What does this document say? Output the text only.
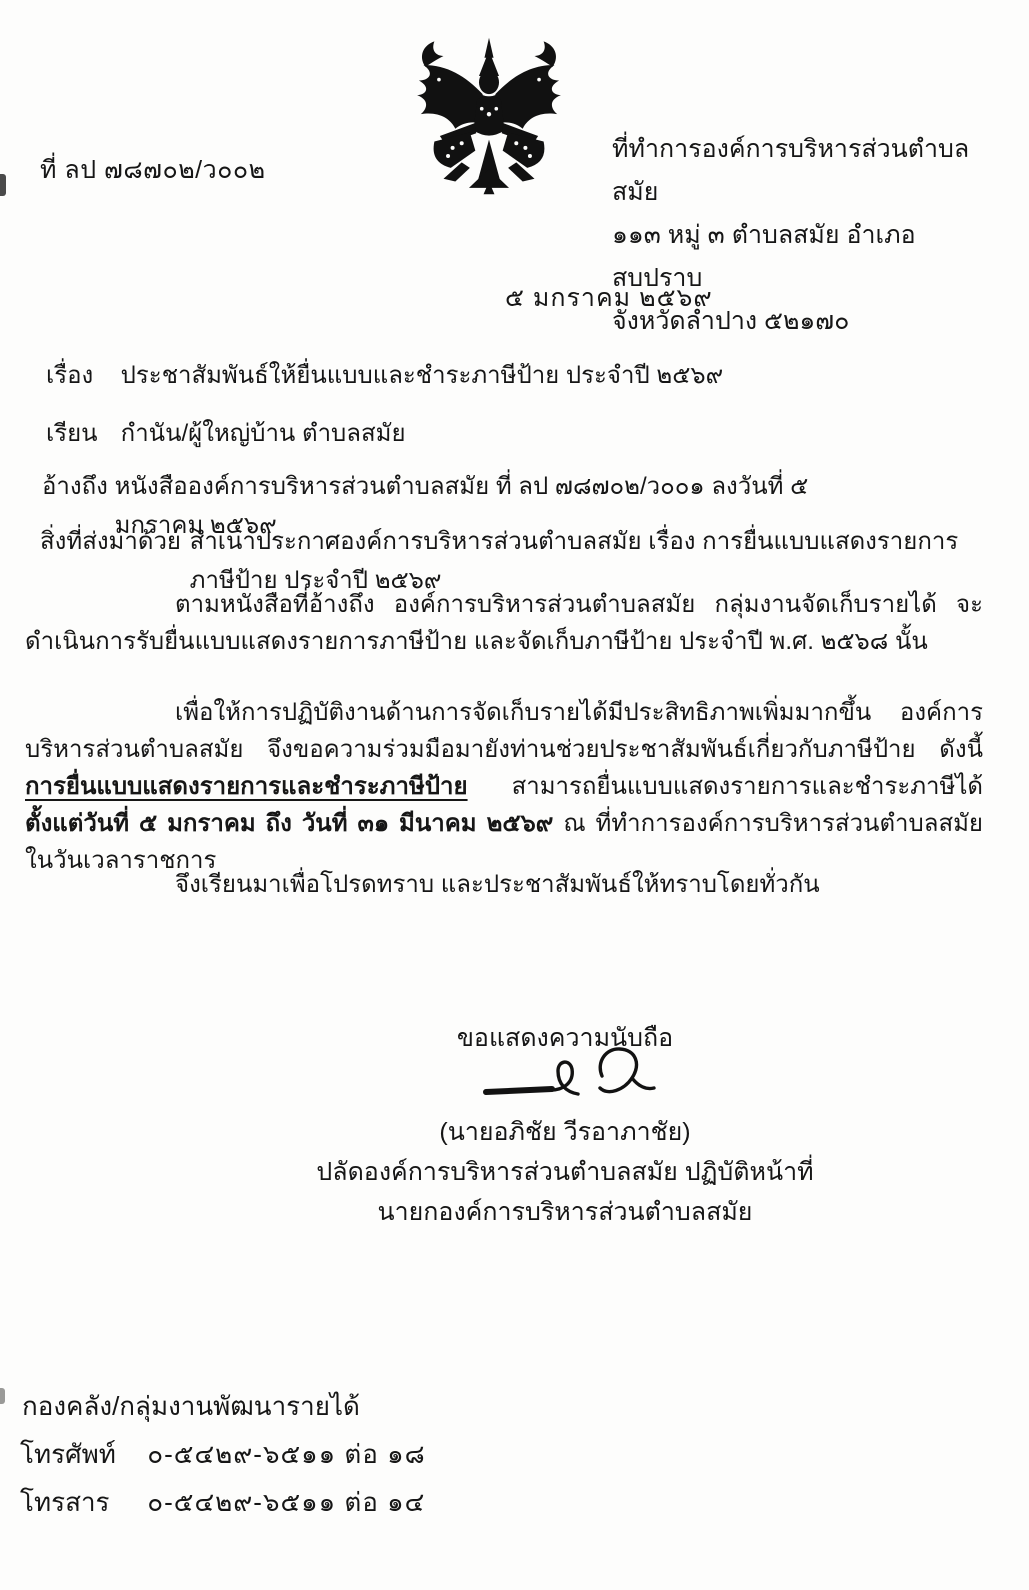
ที่ ลป ๗๘๗๐๒/ว๐๐๒
ที่ทำการองค์การบริหารส่วนตำบลสมัย
๑๑๓ หมู่ ๓ ตำบลสมัย อำเภอสบปราบ
จังหวัดลำปาง ๕๒๑๗๐
๕ มกราคม ๒๕๖๙
เรื่อง ประชาสัมพันธ์ให้ยื่นแบบและชำระภาษีป้าย ประจำปี ๒๕๖๙
เรียน กำนัน/ผู้ใหญ่บ้าน ตำบลสมัย
อ้างถึง หนังสือองค์การบริหารส่วนตำบลสมัย ที่ ลป ๗๘๗๐๒/ว๐๐๑ ลงวันที่ ๕ มกราคม ๒๕๖๙
สิ่งที่ส่งมาด้วย สำเนาประกาศองค์การบริหารส่วนตำบลสมัย เรื่อง การยื่นแบบแสดงรายการภาษีป้าย ประจำปี ๒๕๖๙
ตามหนังสือที่อ้างถึง องค์การบริหารส่วนตำบลสมัย กลุ่มงานจัดเก็บรายได้ จะดำเนินการรับยื่นแบบแสดงรายการภาษีป้าย และจัดเก็บภาษีป้าย ประจำปี พ.ศ. ๒๕๖๘ นั้น
เพื่อให้การปฏิบัติงานด้านการจัดเก็บรายได้มีประสิทธิภาพเพิ่มมากขึ้น องค์การบริหารส่วนตำบลสมัย จึงขอความร่วมมือมายังท่านช่วยประชาสัมพันธ์เกี่ยวกับภาษีป้าย ดังนี้ การยื่นแบบแสดงรายการและชำระภาษีป้าย สามารถยื่นแบบแสดงรายการและชำระภาษีได้ ตั้งแต่วันที่ ๕ มกราคม ถึง วันที่ ๓๑ มีนาคม ๒๕๖๙ ณ ที่ทำการองค์การบริหารส่วนตำบลสมัย ในวันเวลาราชการ
จึงเรียนมาเพื่อโปรดทราบ และประชาสัมพันธ์ให้ทราบโดยทั่วกัน
ขอแสดงความนับถือ
(นายอภิชัย วีรอาภาชัย)
ปลัดองค์การบริหารส่วนตำบลสมัย ปฏิบัติหน้าที่
นายกองค์การบริหารส่วนตำบลสมัย
กองคลัง/กลุ่มงานพัฒนารายได้
โทรศัพท์ ๐-๕๔๒๙-๖๕๑๑ ต่อ ๑๘
โทรสาร ๐-๕๔๒๙-๖๕๑๑ ต่อ ๑๔
